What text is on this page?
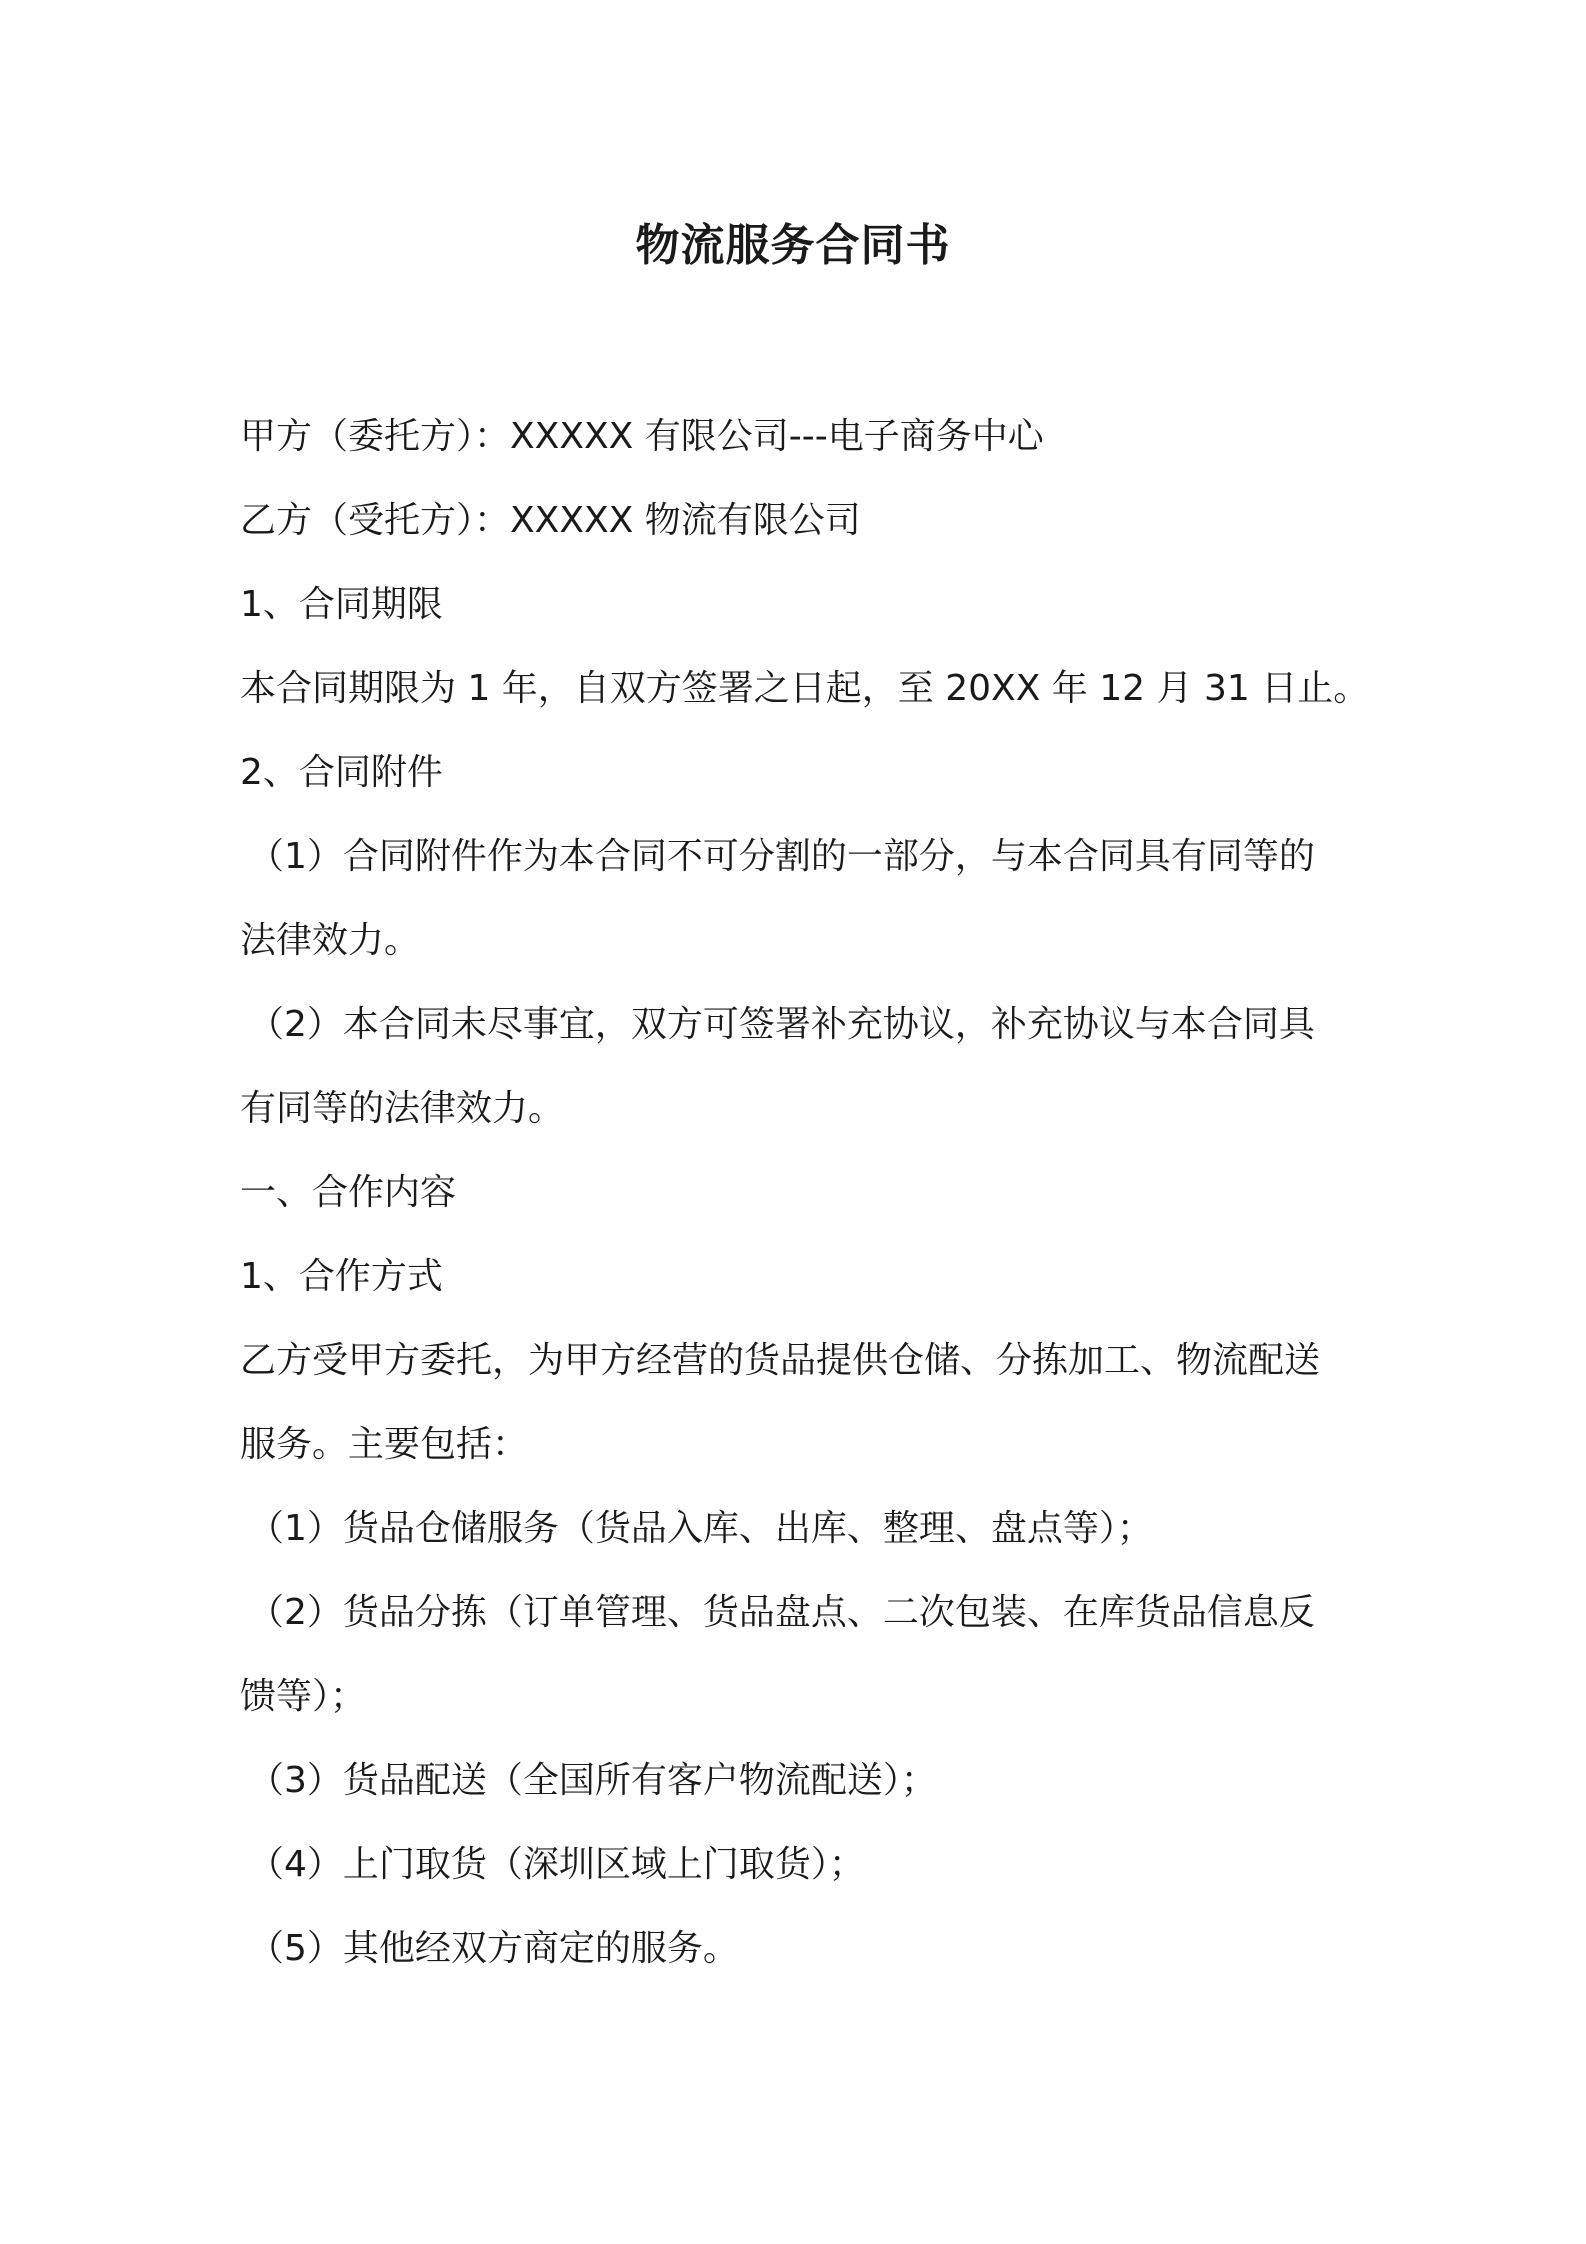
物流服务合同书
甲方（委托方）：XXXXX 有限公司---电子商务中心
乙方（受托方）：XXXXX 物流有限公司
1、合同期限
本合同期限为 1 年，自双方签署之日起，至 20XX 年 12 月 31 日止。
2、合同附件
（1）合同附件作为本合同不可分割的一部分，与本合同具有同等的
法律效力。
（2）本合同未尽事宜，双方可签署补充协议，补充协议与本合同具
有同等的法律效力。
一、合作内容
1、合作方式
乙方受甲方委托，为甲方经营的货品提供仓储、分拣加工、物流配送
服务。主要包括：
（1）货品仓储服务（货品入库、出库、整理、盘点等）；
（2）货品分拣（订单管理、货品盘点、二次包装、在库货品信息反
馈等）；
（3）货品配送（全国所有客户物流配送）；
（4）上门取货（深圳区域上门取货）；
（5）其他经双方商定的服务。
